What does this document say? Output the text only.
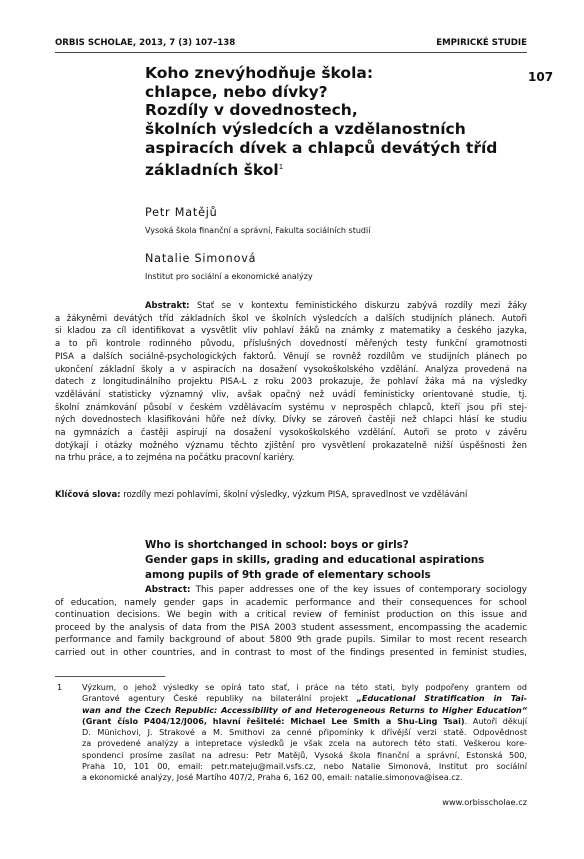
ORBIS SCHOLAE, 2013, 7 (3) 107–138	EMPIRICKÉ STUDIE
107
Koho znevýhodňuje škola:
chlapce, nebo dívky?
Rozdíly v dovednostech,
školních výsledcích a vzdělanostních
aspiracích dívek a chlapců devátých tříd
základních škol$^1$
Petr Matějů
Vysoká škola finanční a správní, Fakulta sociálních studií
Natalie Simonová
Institut pro sociální a ekonomické analýzy
Abstrakt: Stať se v kontextu feministického diskurzu zabývá rozdíly mezi žáky
a žákyněmi devátých tříd základních škol ve školních výsledcích a dalších studijních plánech. Autoři
si kladou za cíl identifikovat a vysvětlit vliv pohlaví žáků na známky z matematiky a českého jazyka,
a to při kontrole rodinného původu, příslušných dovedností měřených testy funkční gramotnosti
PISA a dalších sociálně-psychologických faktorů. Věnují se rovněž rozdílům ve studijních plánech po
ukončení základní školy a v aspiracích na dosažení vysokoškolského vzdělání. Analýza provedená na
datech z longitudinálního projektu PISA-L z roku 2003 prokazuje, že pohlaví žáka má na výsledky
vzdělávání statisticky významný vliv, avšak opačný než uvádí feministicky orientované studie, tj.
školní známkování působí v českém vzdělávacím systému v neprospěch chlapců, kteří jsou při stej-
ných dovednostech klasifikováni hůře než dívky. Dívky se zároveň častěji než chlapci hlásí ke studiu
na gymnázích a častěji aspirují na dosažení vysokoškolského vzdělání. Autoři se proto v závěru
dotýkají i otázky možného významu těchto zjištění pro vysvětlení prokazatelně nižší úspěšnosti žen
na trhu práce, a to zejména na počátku pracovní kariéry.
Klíčová slova: rozdíly mezi pohlavími, školní výsledky, výzkum PISA, spravedlnost ve vzdělávání
Who is shortchanged in school: boys or girls?
Gender gaps in skills, grading and educational aspirations
among pupils of 9th grade of elementary schools
Abstract: This paper addresses one of the key issues of contemporary sociology
of education, namely gender gaps in academic performance and their consequences for school
continuation decisions. We begin with a critical review of feminist production on this issue and
proceed by the analysis of data from the PISA 2003 student assessment, encompassing the academic
performance and family background of about 5800 9th grade pupils. Similar to most recent research
carried out in other countries, and in contrast to most of the findings presented in feminist studies,
1 Výzkum, o jehož výsledky se opírá tato stať, i práce na této stati, byly podpořeny grantem od
Grantové agentury České republiky na bilaterální projekt „Educational Stratification in Tai-
wan and the Czech Republic: Accessibility of and Heterogeneous Returns to Higher Education“
(Grant číslo P404/12/J006, hlavní řešitelé: Michael Lee Smith a Shu-Ling Tsai). Autoři děkují
D. Münichovi, J. Strakové a M. Smithovi za cenné připomínky k dřívější verzi statě. Odpovědnost
za provedené analýzy a intepretace výsledků je však zcela na autorech této stati. Veškerou kore-
spondenci prosíme zasílat na adresu: Petr Matějů, Vysoká škola finanční a správní, Estonská 500,
Praha 10, 101 00, email: petr.mateju@mail.vsfs.cz, nebo Natalie Simonová, Institut pro sociální
a ekonomické analýzy, José Martího 407/2, Praha 6, 162 00, email: natalie.simonova@isea.cz.
www.orbisscholae.cz
